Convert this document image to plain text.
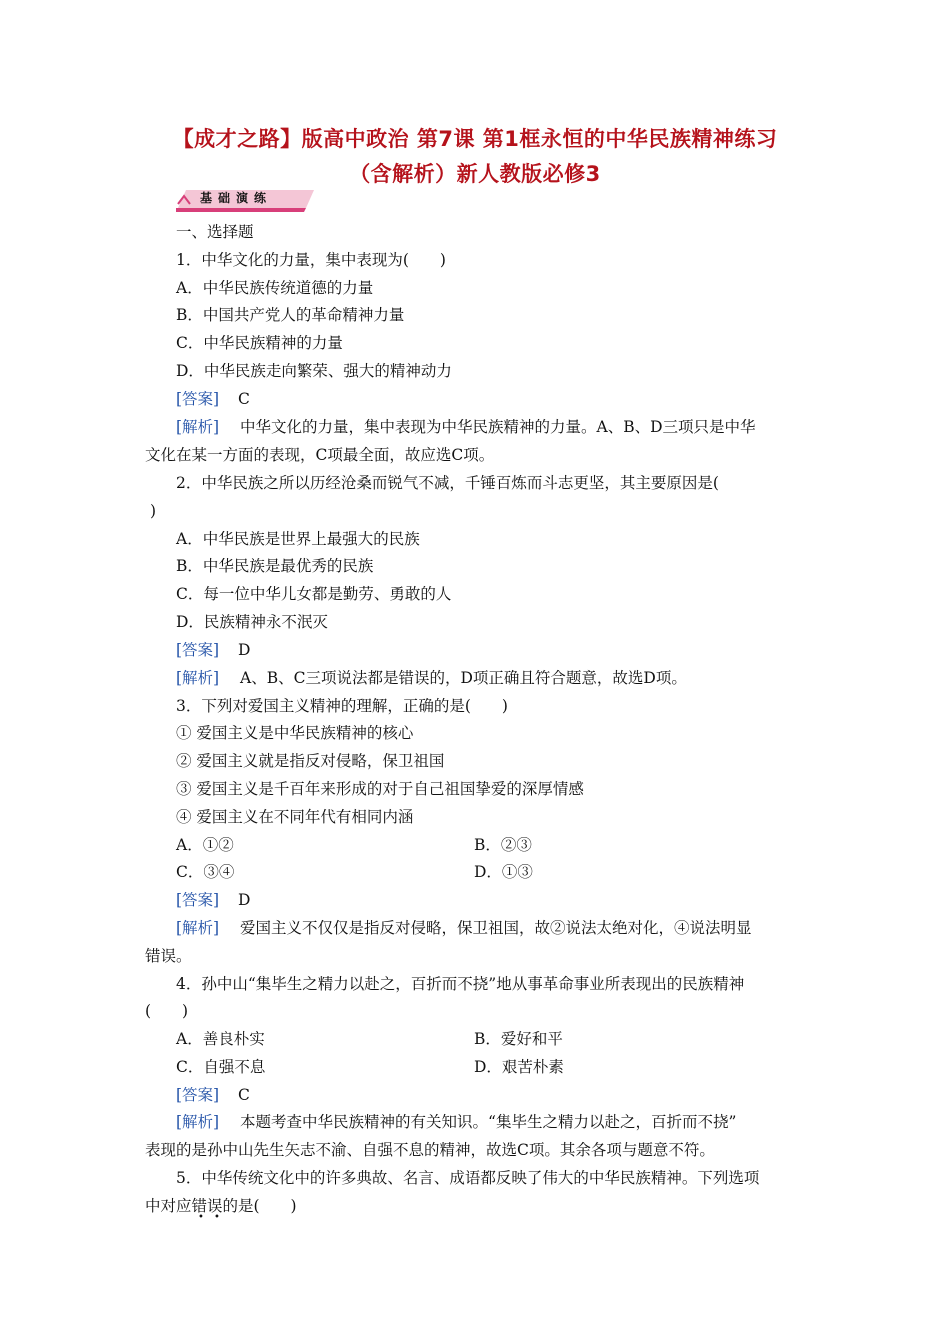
【成才之路】版高中政治 第7课 第1框永恒的中华民族精神练习
（含解析）新人教版必修3
基础演练
一、选择题
1．中华文化的力量，集中表现为(　　)
A．中华民族传统道德的力量
B．中国共产党人的革命精神力量
C．中华民族精神的力量
D．中华民族走向繁荣、强大的精神动力
[答案] C
[解析] 中华文化的力量，集中表现为中华民族精神的力量。A、B、D三项只是中华
文化在某一方面的表现，C项最全面，故应选C项。
2．中华民族之所以历经沧桑而锐气不减，千锤百炼而斗志更坚，其主要原因是(
)
A．中华民族是世界上最强大的民族
B．中华民族是最优秀的民族
C．每一位中华儿女都是勤劳、勇敢的人
D．民族精神永不泯灭
[答案] D
[解析] A、B、C三项说法都是错误的，D项正确且符合题意，故选D项。
3．下列对爱国主义精神的理解，正确的是(　　)
① 爱国主义是中华民族精神的核心
② 爱国主义就是指反对侵略，保卫祖国
③ 爱国主义是千百年来形成的对于自己祖国挚爱的深厚情感
④ 爱国主义在不同年代有相同内涵
A．①②	B．②③
C．③④	D．①③
[答案] D
[解析] 爱国主义不仅仅是指反对侵略，保卫祖国，故②说法太绝对化，④说法明显
错误。
4．孙中山“集毕生之精力以赴之，百折而不挠”地从事革命事业所表现出的民族精神
(　　)
A．善良朴实	B．爱好和平
C．自强不息	D．艰苦朴素
[答案] C
[解析] 本题考查中华民族精神的有关知识。“集毕生之精力以赴之，百折而不挠”
表现的是孙中山先生矢志不渝、自强不息的精神，故选C项。其余各项与题意不符。
5．中华传统文化中的许多典故、名言、成语都反映了伟大的中华民族精神。下列选项
中对应错误的是(　　)
• •
